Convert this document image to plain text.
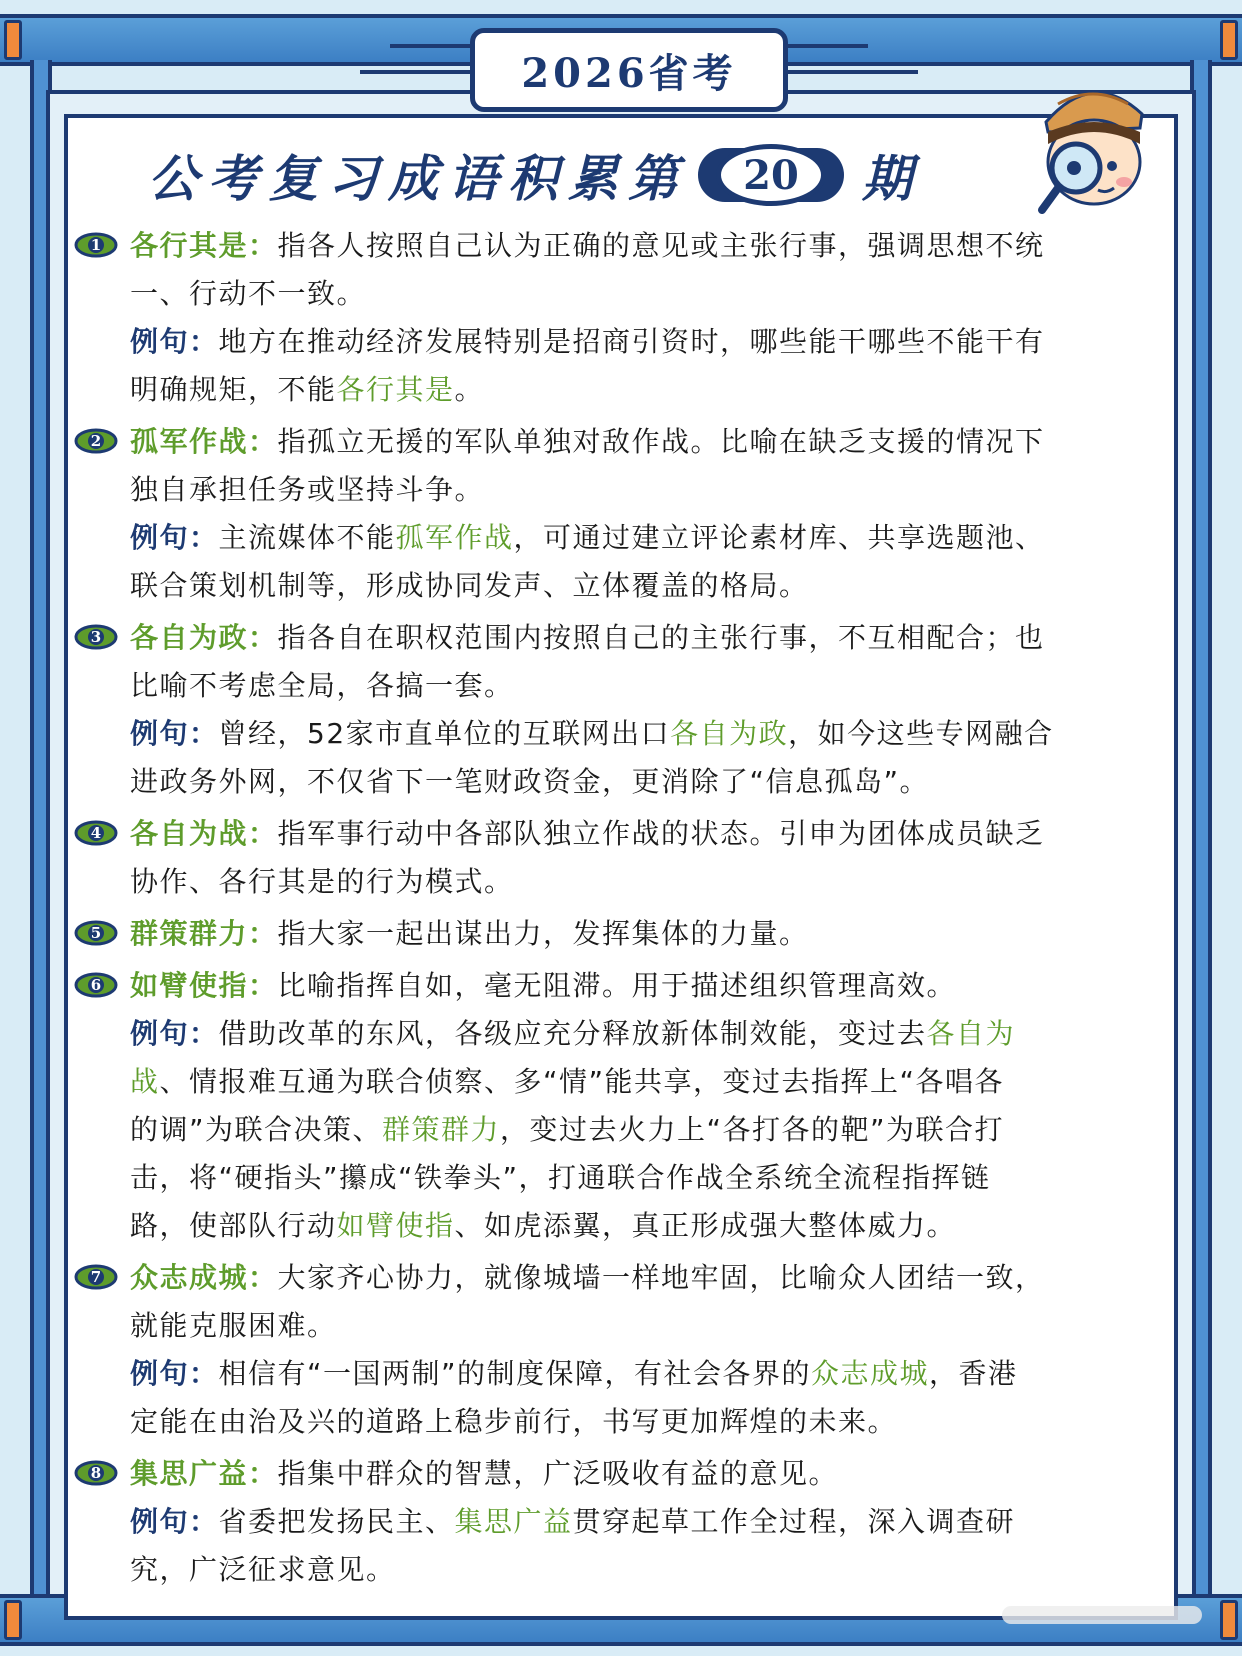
2026省考
公考复习成语积累第	20	期
1 各行其是：指各人按照自己认为正确的意见或主张行事，强调思想不统
一、行动不一致。
例句：地方在推动经济发展特别是招商引资时，哪些能干哪些不能干有
明确规矩，不能各行其是。
2 孤军作战：指孤立无援的军队单独对敌作战。比喻在缺乏支援的情况下
独自承担任务或坚持斗争。
例句：主流媒体不能孤军作战，可通过建立评论素材库、共享选题池、
联合策划机制等，形成协同发声、立体覆盖的格局。
3 各自为政：指各自在职权范围内按照自己的主张行事，不互相配合；也
比喻不考虑全局，各搞一套。
例句：曾经，52家市直单位的互联网出口各自为政，如今这些专网融合
进政务外网，不仅省下一笔财政资金，更消除了“信息孤岛”。
4 各自为战：指军事行动中各部队独立作战的状态。引申为团体成员缺乏
协作、各行其是的行为模式。
5 群策群力：指大家一起出谋出力，发挥集体的力量。
6 如臂使指：比喻指挥自如，毫无阻滞。用于描述组织管理高效。
例句：借助改革的东风，各级应充分释放新体制效能，变过去各自为
战、情报难互通为联合侦察、多“情”能共享，变过去指挥上“各唱各
的调”为联合决策、群策群力，变过去火力上“各打各的靶”为联合打
击，将“硬指头”攥成“铁拳头”，打通联合作战全系统全流程指挥链
路，使部队行动如臂使指、如虎添翼，真正形成强大整体威力。
7 众志成城：大家齐心协力，就像城墙一样地牢固，比喻众人团结一致，
就能克服困难。
例句：相信有“一国两制”的制度保障，有社会各界的众志成城，香港
定能在由治及兴的道路上稳步前行，书写更加辉煌的未来。
8 集思广益：指集中群众的智慧，广泛吸收有益的意见。
例句：省委把发扬民主、集思广益贯穿起草工作全过程，深入调查研
究，广泛征求意见。
